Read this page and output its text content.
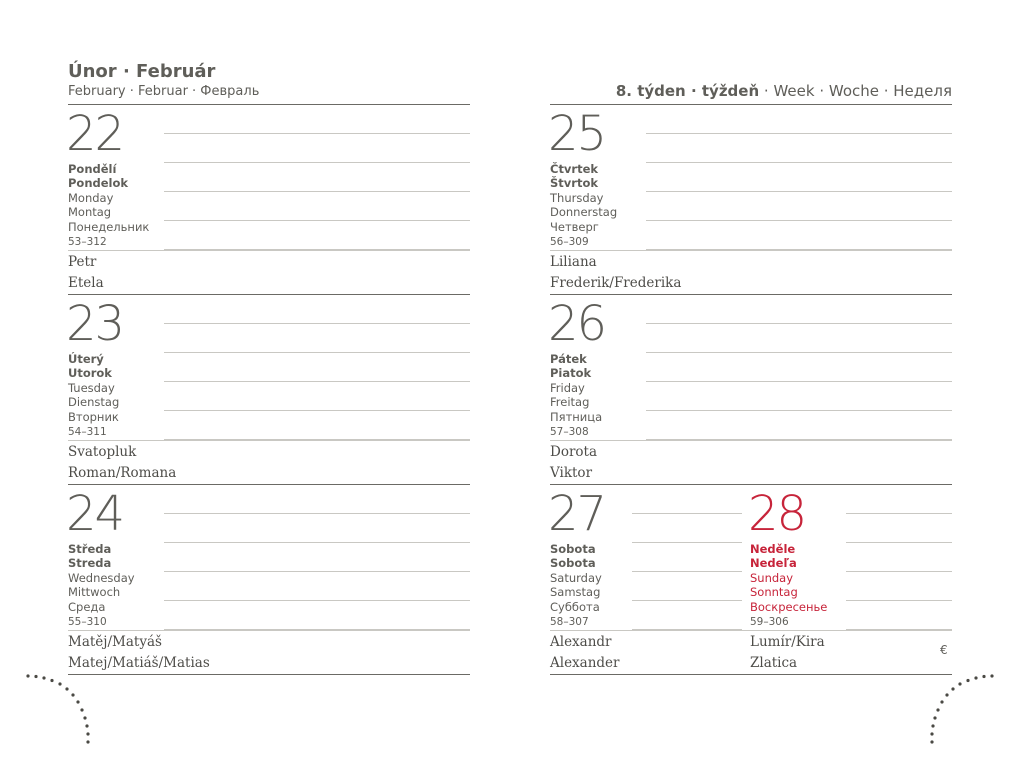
Únor · Február
February · Februar · Февраль
22
Pondělí
Pondelok
Monday
Montag
Понедельник
53–312
Petr
Etela
23
Úterý
Utorok
Tuesday
Dienstag
Вторник
54–311
Svatopluk
Roman/Romana
24
Středa
Streda
Wednesday
Mittwoch
Среда
55–310
Matěj/Matyáš
Matej/Matiáš/Matias
8. týden · týždeň · Week · Woche · Неделя
25
Čtvrtek
Štvrtok
Thursday
Donnerstag
Четверг
56–309
Liliana
Frederik/Frederika
26
Pátek
Piatok
Friday
Freitag
Пятница
57–308
Dorota
Viktor
27
Sobota
Sobota
Saturday
Samstag
Суббота
58–307
Alexandr
Alexander
28
Neděle
Nedeľa
Sunday
Sonntag
Воскресенье
59–306
Lumír/Kira
Zlatica
€
